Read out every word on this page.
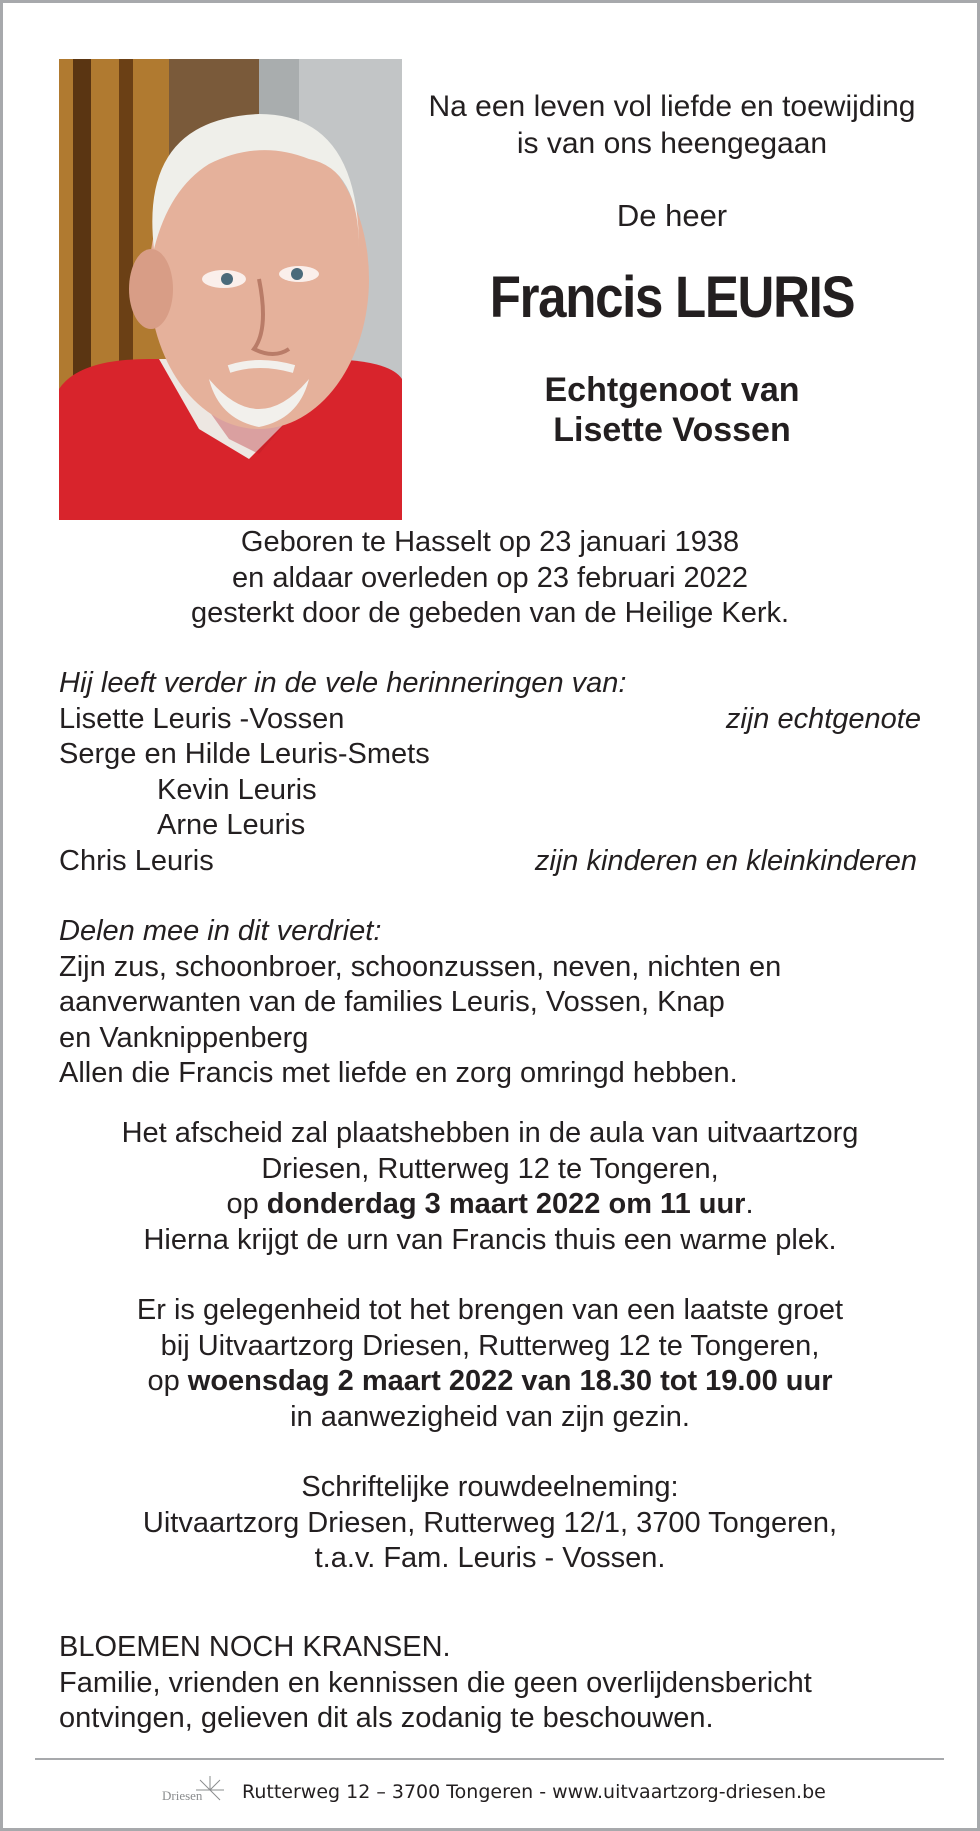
Na een leven vol liefde en toewijding
is van ons heengegaan
De heer
Francis LEURIS
Echtgenoot van
Lisette Vossen
Geboren te Hasselt op 23 januari 1938
en aldaar overleden op 23 februari 2022
gesterkt door de gebeden van de Heilige Kerk.
Hij leeft verder in de vele herinneringen van:
Lisette Leuris -Vossen	zijn echtgenote
Serge en Hilde Leuris-Smets
Kevin Leuris
Arne Leuris
Chris Leuris	zijn kinderen en kleinkinderen
Delen mee in dit verdriet:
Zijn zus, schoonbroer, schoonzussen, neven, nichten en
aanverwanten van de families Leuris, Vossen, Knap
en Vanknippenberg
Allen die Francis met liefde en zorg omringd hebben.
Het afscheid zal plaatshebben in de aula van uitvaartzorg
Driesen, Rutterweg 12 te Tongeren,
op donderdag 3 maart 2022 om 11 uur.
Hierna krijgt de urn van Francis thuis een warme plek.
Er is gelegenheid tot het brengen van een laatste groet
bij Uitvaartzorg Driesen, Rutterweg 12 te Tongeren,
op woensdag 2 maart 2022 van 18.30 tot 19.00 uur
in aanwezigheid van zijn gezin.
Schriftelijke rouwdeelneming:
Uitvaartzorg Driesen, Rutterweg 12/1, 3700 Tongeren,
t.a.v. Fam. Leuris - Vossen.
BLOEMEN NOCH KRANSEN.
Familie, vrienden en kennissen die geen overlijdensbericht
ontvingen, gelieven dit als zodanig te beschouwen.
Driesen Rutterweg 12 – 3700 Tongeren - www.uitvaartzorg-driesen.be
